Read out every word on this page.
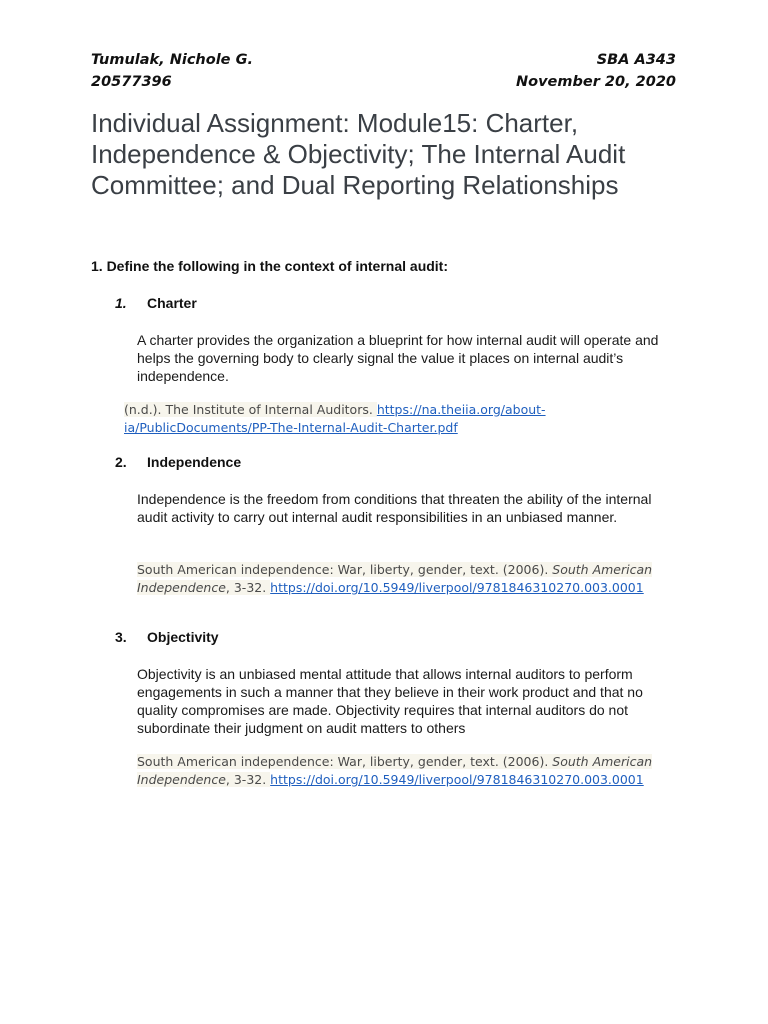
Tumulak, Nichole G.	SBA A343
20577396	November 20, 2020
Individual Assignment: Module15: Charter, Independence & Objectivity; The Internal Audit Committee; and Dual Reporting Relationships

1. Define the following in the context of internal audit:

1.	Charter

A charter provides the organization a blueprint for how internal audit will operate and helps the governing body to clearly signal the value it places on internal audit’s independence.

(n.d.). The Institute of Internal Auditors. https://na.theiia.org/about-ia/PublicDocuments/PP-The-Internal-Audit-Charter.pdf

2.	Independence

Independence is the freedom from conditions that threaten the ability of the internal audit activity to carry out internal audit responsibilities in an unbiased manner.

South American independence: War, liberty, gender, text. (2006). South American Independence, 3-32. https://doi.org/10.5949/liverpool/9781846310270.003.0001

3.	Objectivity

Objectivity is an unbiased mental attitude that allows internal auditors to perform engagements in such a manner that they believe in their work product and that no quality compromises are made. Objectivity requires that internal auditors do not subordinate their judgment on audit matters to others

South American independence: War, liberty, gender, text. (2006). South American Independence, 3-32. https://doi.org/10.5949/liverpool/9781846310270.003.0001
